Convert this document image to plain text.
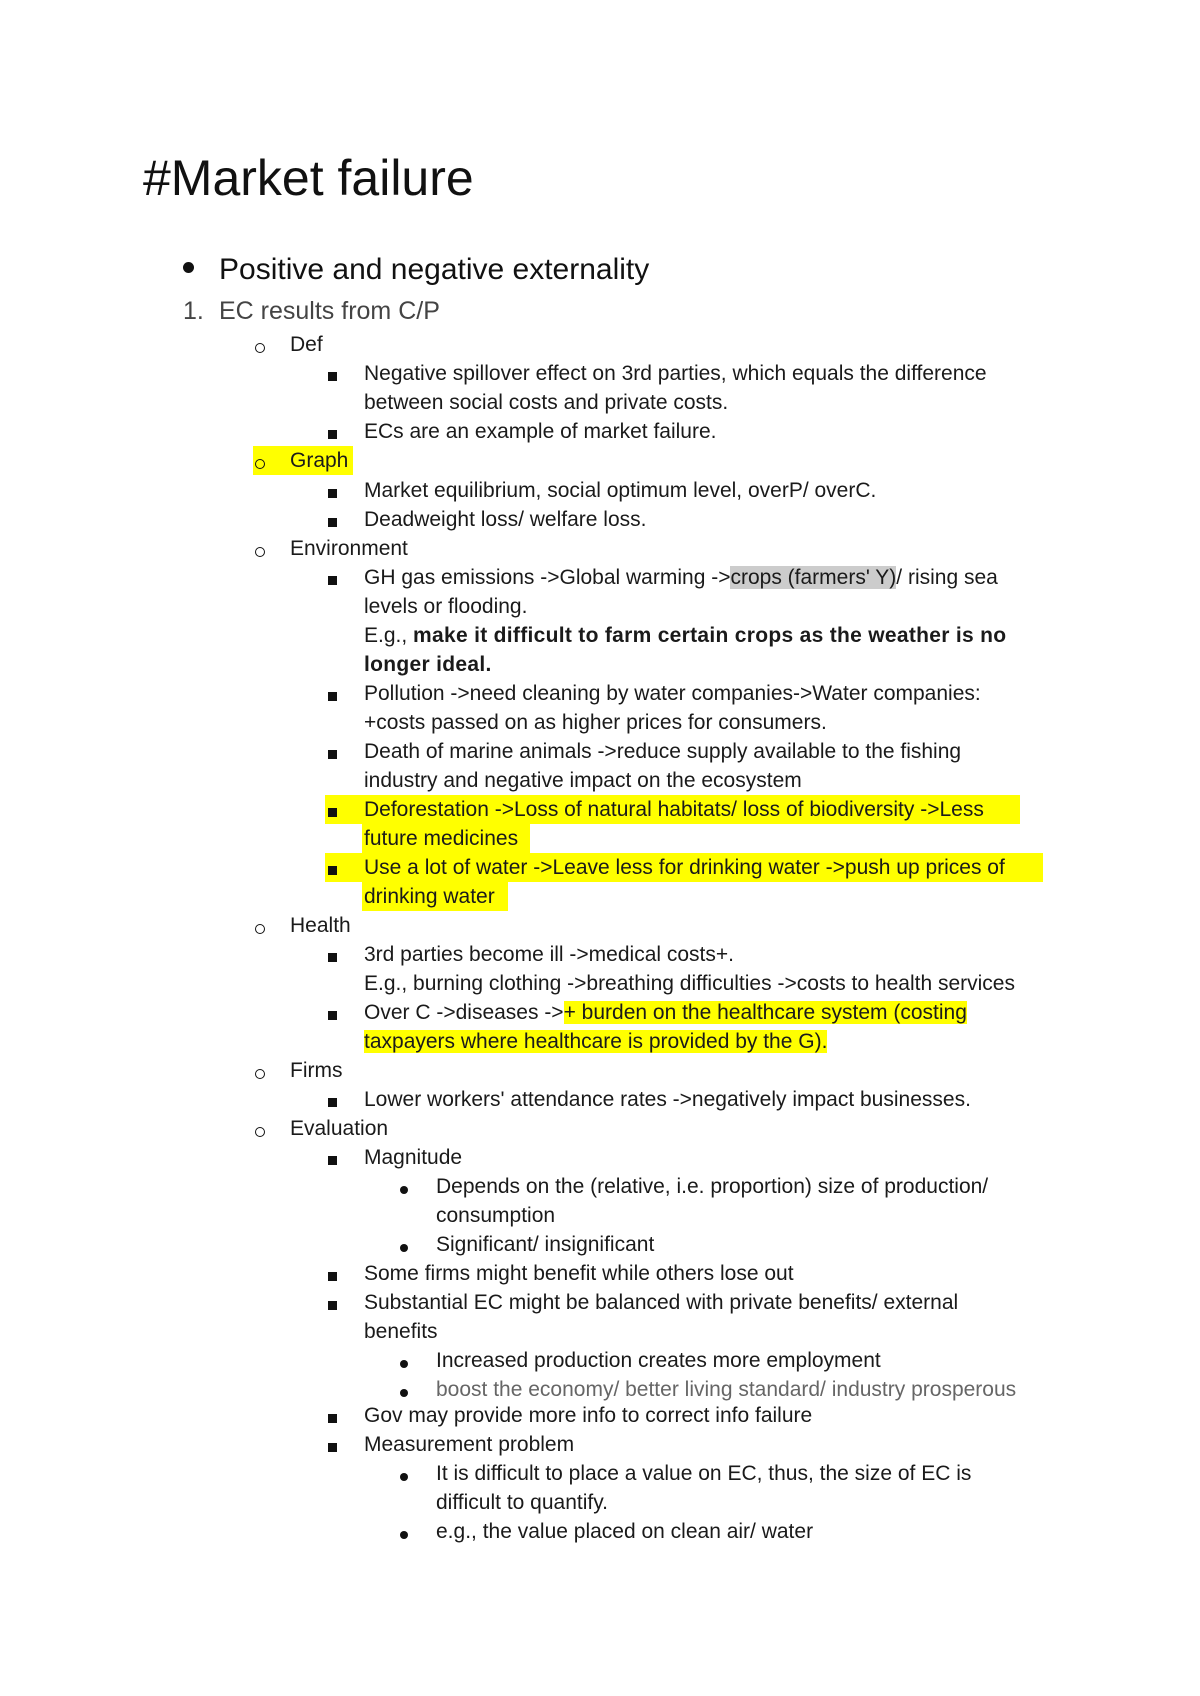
#Market failure
Positive and negative externality
1. EC results from C/P
Def
Negative spillover effect on 3rd parties, which equals the difference
between social costs and private costs.
ECs are an example of market failure.
Graph
Market equilibrium, social optimum level, overP/ overC.
Deadweight loss/ welfare loss.
Environment
GH gas emissions ->Global warming ->crops (farmers' Y)/ rising sea
levels or flooding.
E.g., make it difficult to farm certain crops as the weather is no
longer ideal.
Pollution ->need cleaning by water companies->Water companies:
+costs passed on as higher prices for consumers.
Death of marine animals ->reduce supply available to the fishing
industry and negative impact on the ecosystem
Deforestation ->Loss of natural habitats/ loss of biodiversity ->Less
future medicines
Use a lot of water ->Leave less for drinking water ->push up prices of
drinking water
Health
3rd parties become ill ->medical costs+.
E.g., burning clothing ->breathing difficulties ->costs to health services
Over C ->diseases ->+ burden on the healthcare system (costing
taxpayers where healthcare is provided by the G).
Firms
Lower workers' attendance rates ->negatively impact businesses.
Evaluation
Magnitude
Depends on the (relative, i.e. proportion) size of production/
consumption
Significant/ insignificant
Some firms might benefit while others lose out
Substantial EC might be balanced with private benefits/ external
benefits
Increased production creates more employment
boost the economy/ better living standard/ industry prosperous
Gov may provide more info to correct info failure
Measurement problem
It is difficult to place a value on EC, thus, the size of EC is
difficult to quantify.
e.g., the value placed on clean air/ water
